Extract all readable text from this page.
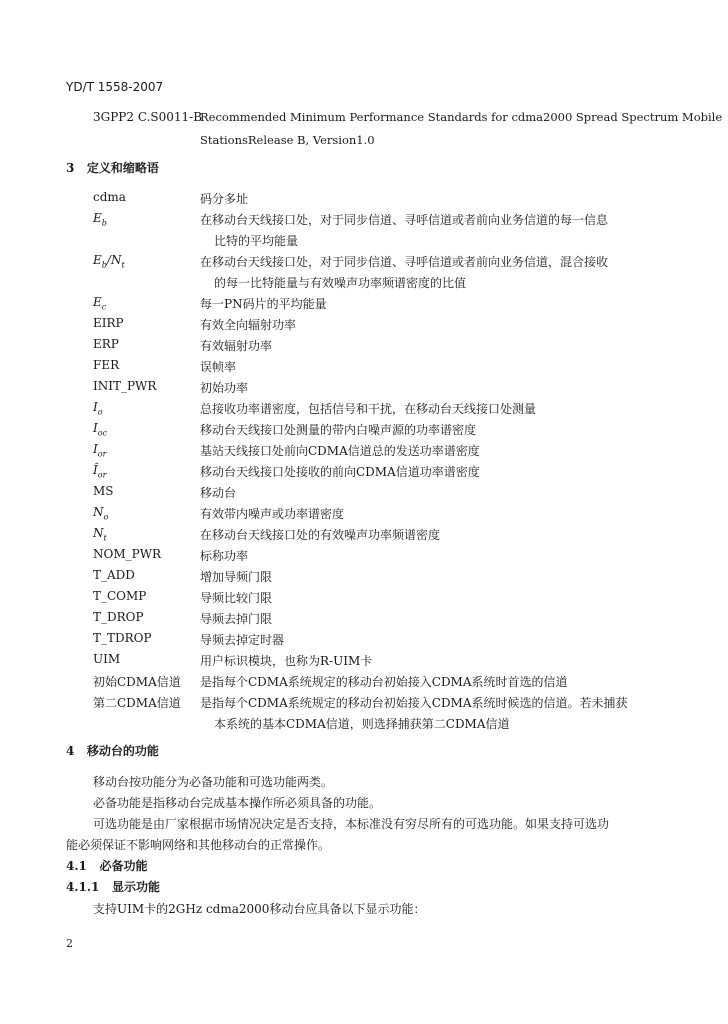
YD/T 1558-2007
3GPP2 C.S0011-B
Recommended Minimum Performance Standards for cdma2000 Spread Spectrum Mobile
StationsRelease B, Version1.0
3 定义和缩略语
cdma	码分多址
$E_b$	在移动台天线接口处，对于同步信道、寻呼信道或者前向业务信道的每一信息
比特的平均能量
$E_b/N_t$	在移动台天线接口处，对于同步信道、寻呼信道或者前向业务信道，混合接收
的每一比特能量与有效噪声功率频谱密度的比值
$E_c$	每一PN码片的平均能量
EIRP	有效全向辐射功率
ERP	有效辐射功率
FER	误帧率
INIT_PWR	初始功率
$I_o$	总接收功率谱密度，包括信号和干扰，在移动台天线接口处测量
$I_{oc}$	移动台天线接口处测量的带内白噪声源的功率谱密度
$I_{or}$	基站天线接口处前向CDMA信道总的发送功率谱密度
$Î_{or}$	移动台天线接口处接收的前向CDMA信道功率谱密度
MS	移动台
$N_o$	有效带内噪声或功率谱密度
$N_t$	在移动台天线接口处的有效噪声功率频谱密度
NOM_PWR	标称功率
T_ADD	增加导频门限
T_COMP	导频比较门限
T_DROP	导频去掉门限
T_TDROP	导频去掉定时器
UIM	用户标识模块，也称为R-UIM卡
初始CDMA信道 是指每个CDMA系统规定的移动台初始接入CDMA系统时首选的信道
第二CDMA信道 是指每个CDMA系统规定的移动台初始接入CDMA系统时候选的信道。若未捕获
本系统的基本CDMA信道，则选择捕获第二CDMA信道
4 移动台的功能
移动台按功能分为必备功能和可选功能两类。
必备功能是指移动台完成基本操作所必须具备的功能。
可选功能是由厂家根据市场情况决定是否支持，本标准没有穷尽所有的可选功能。如果支持可选功
能必须保证不影响网络和其他移动台的正常操作。
4.1 必备功能
4.1.1 显示功能
支持UIM卡的2GHz cdma2000移动台应具备以下显示功能：
2
